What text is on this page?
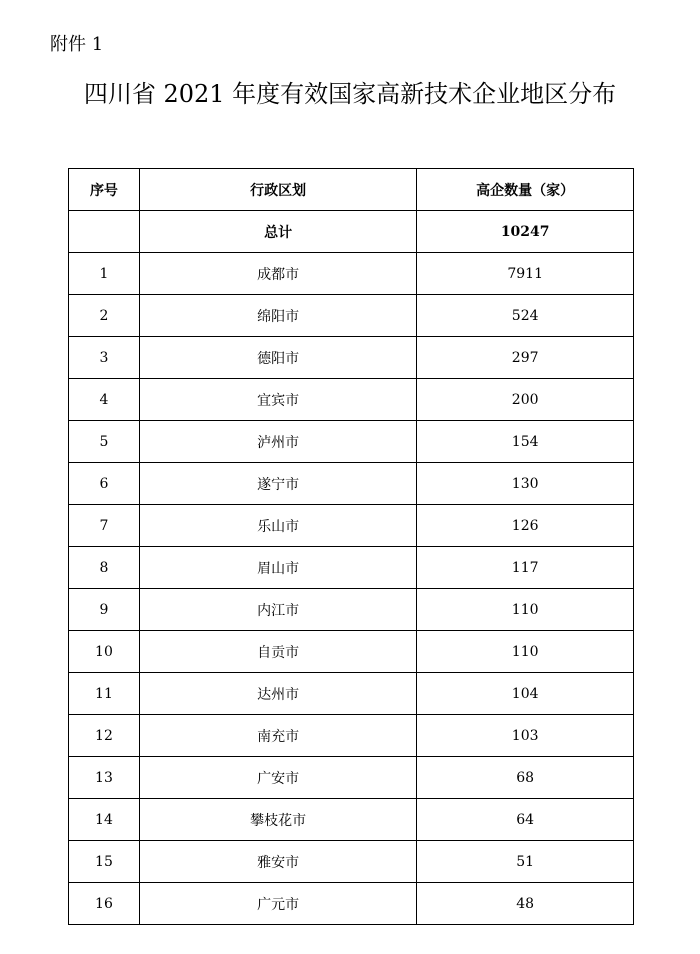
附件 1
四川省 2021 年度有效国家高新技术企业地区分布
序号	行政区划	高企数量（家）
	总计	10247
1	成都市	7911
2	绵阳市	524
3	德阳市	297
4	宜宾市	200
5	泸州市	154
6	遂宁市	130
7	乐山市	126
8	眉山市	117
9	内江市	110
10	自贡市	110
11	达州市	104
12	南充市	103
13	广安市	68
14	攀枝花市	64
15	雅安市	51
16	广元市	48
